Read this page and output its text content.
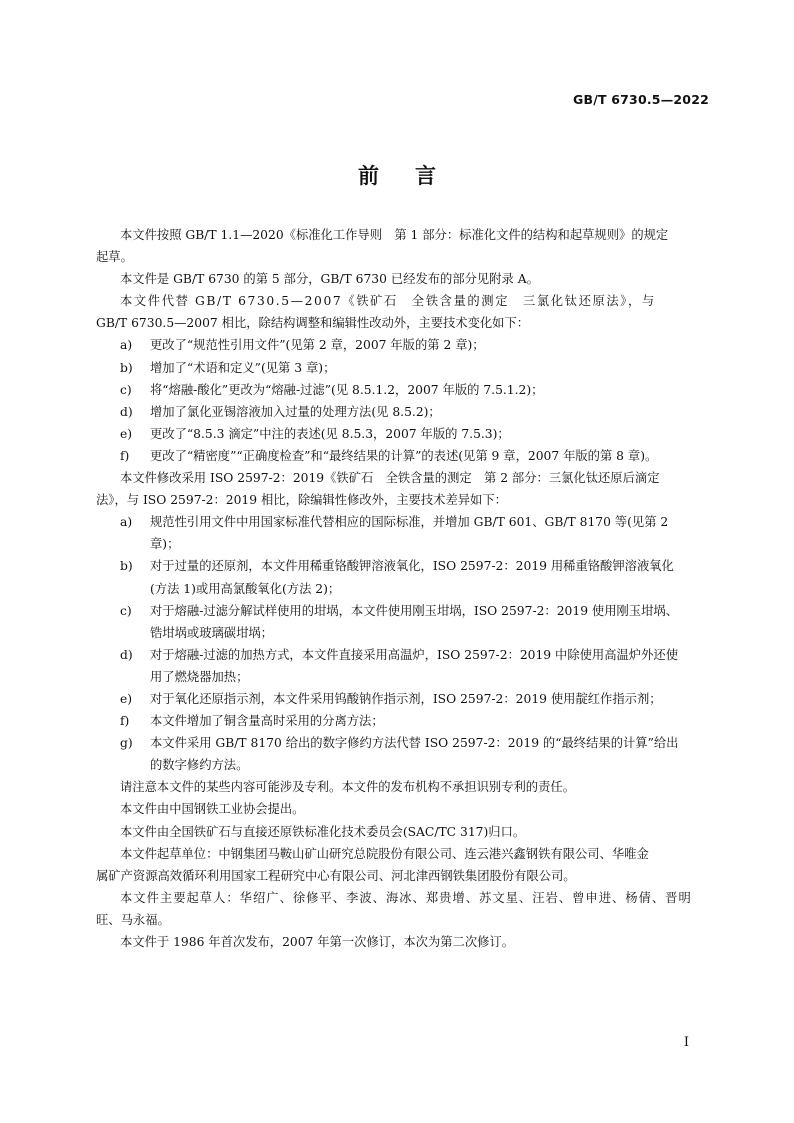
GB/T 6730.5—2022
前言
本文件按照 GB/T 1.1—2020《标准化工作导则　第 1 部分：标准化文件的结构和起草规则》的规定
起草。
本文件是 GB/T 6730 的第 5 部分，GB/T 6730 已经发布的部分见附录 A。
本文件代替 GB/T 6730.5—2007《铁矿石　全铁含量的测定　三氯化钛还原法》，与
GB/T 6730.5—2007 相比，除结构调整和编辑性改动外，主要技术变化如下：
a) 更改了“规范性引用文件”(见第 2 章，2007 年版的第 2 章)；
b) 增加了“术语和定义”(见第 3 章)；
c) 将“熔融-酸化”更改为“熔融-过滤”(见 8.5.1.2，2007 年版的 7.5.1.2)；
d) 增加了氯化亚锡溶液加入过量的处理方法(见 8.5.2)；
e) 更改了“8.5.3 滴定”中注的表述(见 8.5.3，2007 年版的 7.5.3)；
f) 更改了“精密度”“正确度检查”和“最终结果的计算”的表述(见第 9 章，2007 年版的第 8 章)。
本文件修改采用 ISO 2597-2：2019《铁矿石　全铁含量的测定　第 2 部分：三氯化钛还原后滴定
法》，与 ISO 2597-2：2019 相比，除编辑性修改外，主要技术差异如下：
a) 规范性引用文件中用国家标准代替相应的国际标准，并增加 GB/T 601、GB/T 8170 等(见第 2
章)；
b) 对于过量的还原剂，本文件用稀重铬酸钾溶液氧化，ISO 2597-2：2019 用稀重铬酸钾溶液氧化
(方法 1)或用高氯酸氧化(方法 2)；
c) 对于熔融-过滤分解试样使用的坩埚，本文件使用刚玉坩埚，ISO 2597-2：2019 使用刚玉坩埚、
锆坩埚或玻璃碳坩埚；
d) 对于熔融-过滤的加热方式，本文件直接采用高温炉，ISO 2597-2：2019 中除使用高温炉外还使
用了燃烧器加热；
e) 对于氧化还原指示剂，本文件采用钨酸钠作指示剂，ISO 2597-2：2019 使用靛红作指示剂；
f) 本文件增加了铜含量高时采用的分离方法；
g) 本文件采用 GB/T 8170 给出的数字修约方法代替 ISO 2597-2：2019 的“最终结果的计算”给出
的数字修约方法。
请注意本文件的某些内容可能涉及专利。本文件的发布机构不承担识别专利的责任。
本文件由中国钢铁工业协会提出。
本文件由全国铁矿石与直接还原铁标准化技术委员会(SAC/TC 317)归口。
本文件起草单位：中钢集团马鞍山矿山研究总院股份有限公司、连云港兴鑫钢铁有限公司、华唯金
属矿产资源高效循环利用国家工程研究中心有限公司、河北津西钢铁集团股份有限公司。
本文件主要起草人：华绍广、徐修平、李波、海冰、郑贵增、苏文星、汪岩、曾申进、杨倩、晋明
旺、马永福。
本文件于 1986 年首次发布，2007 年第一次修订，本次为第二次修订。
I
